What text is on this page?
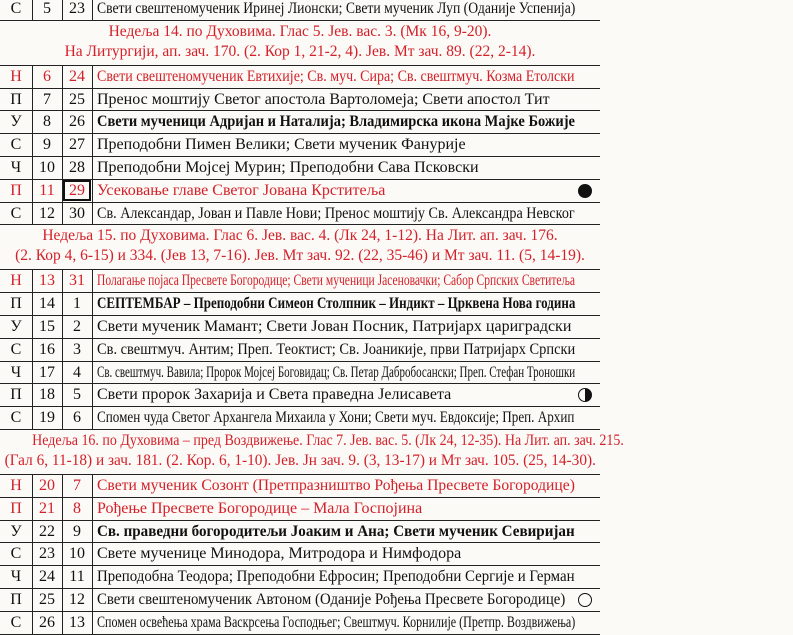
С	5	23 Свети свештеномученик Иринеј Лионски; Свети мученик Луп (Оданије Успенија)
Недеља 14. по Духовима. Глас 5. Јев. вас. 3. (Мк 16, 9-20).
На Литургији, ап. зач. 170. (2. Кор 1, 21-2, 4). Јев. Мт зач. 89. (22, 2-14).
Н	6	24 Свети свештеномученик Евтихије; Св. муч. Сира; Св. свештмуч. Козма Етолски
П	7	25 Пренос моштију Светог апостола Вартоломеја; Свети апостол Тит
У	8	26 Свети мученици Адријан и Наталија; Владимирска икона Мајке Божије
С	9	27 Преподобни Пимен Велики; Свети мученик Фануриje
Ч	10 28 Преподобни Мојсеј Мурин; Преподобни Сава Псковски
П	11 29 Усековање главе Светог Јована Крститеља
С	12 30 Св. Александар, Јован и Павле Нови; Пренос моштију Св. Александра Невског
Недеља 15. по Духовима. Глас 6. Јев. вас. 4. (Лк 24, 1-12). На Лит. ап. зач. 176.
(2. Кор 4, 6-15) и 334. (Јев 13, 7-16). Јев. Мт зач. 92. (22, 35-46) и Мт зач. 11. (5, 14-19).
Н	13 31 Полагање појаса Пресвете Богородице; Свети мученици Јасеновачки; Сабор Српских Светитеља
П	14	1	СЕПТЕМБАР – Преподобни Симеон Столпник – Индикт – Црквена Нова година
У	15	2	Свети мученик Мамант; Свети Јован Посник, Патријарх цариградски
С	16	3	Св. свештмуч. Антим; Преп. Теоктист; Св. Јоаникије, први Патријарх Српски
Ч	17	4	Св. свештмуч. Вавила; Пророк Мојсеј Боговидац; Св. Петар Дабробосански; Преп. Стефан Троношки
П	18	5	Свети пророк Захарија и Света праведна Јелисавета
С	19	6	Спомен чуда Светог Архангела Михаила у Хони; Свети муч. Евдоксије; Преп. Архип
Недеља 16. по Духовима – пред Воздвижење. Глас 7. Јев. вас. 5. (Лк 24, 12-35). На Лит. ап. зач. 215.
(Гал 6, 11-18) и зач. 181. (2. Кор. 6, 1-10). Јев. Јн зач. 9. (3, 13-17) и Мт зач. 105. (25, 14-30).
Н	20	7	Свети мученик Созонт (Претпразништво Рођења Пресвете Богородице)
П	21	8	Рођење Пресвете Богородице – Мала Госпојина
У	22	9	Св. праведни богородитељи Јоаким и Ана; Свети мученик Севиријан
С	23 10 Свете мученице Минодора, Митродора и Нимфодора
Ч	24 11 Преподобна Теодора; Преподобни Ефросин; Преподобни Сергије и Герман
П	25 12 Свети свештеномученик Автоном (Оданије Рођења Пресвете Богородице)
С	26 13 Спомен освећења храма Васкрсења Господњег; Свештмуч. Корнилије (Претпр. Воздвижења)
